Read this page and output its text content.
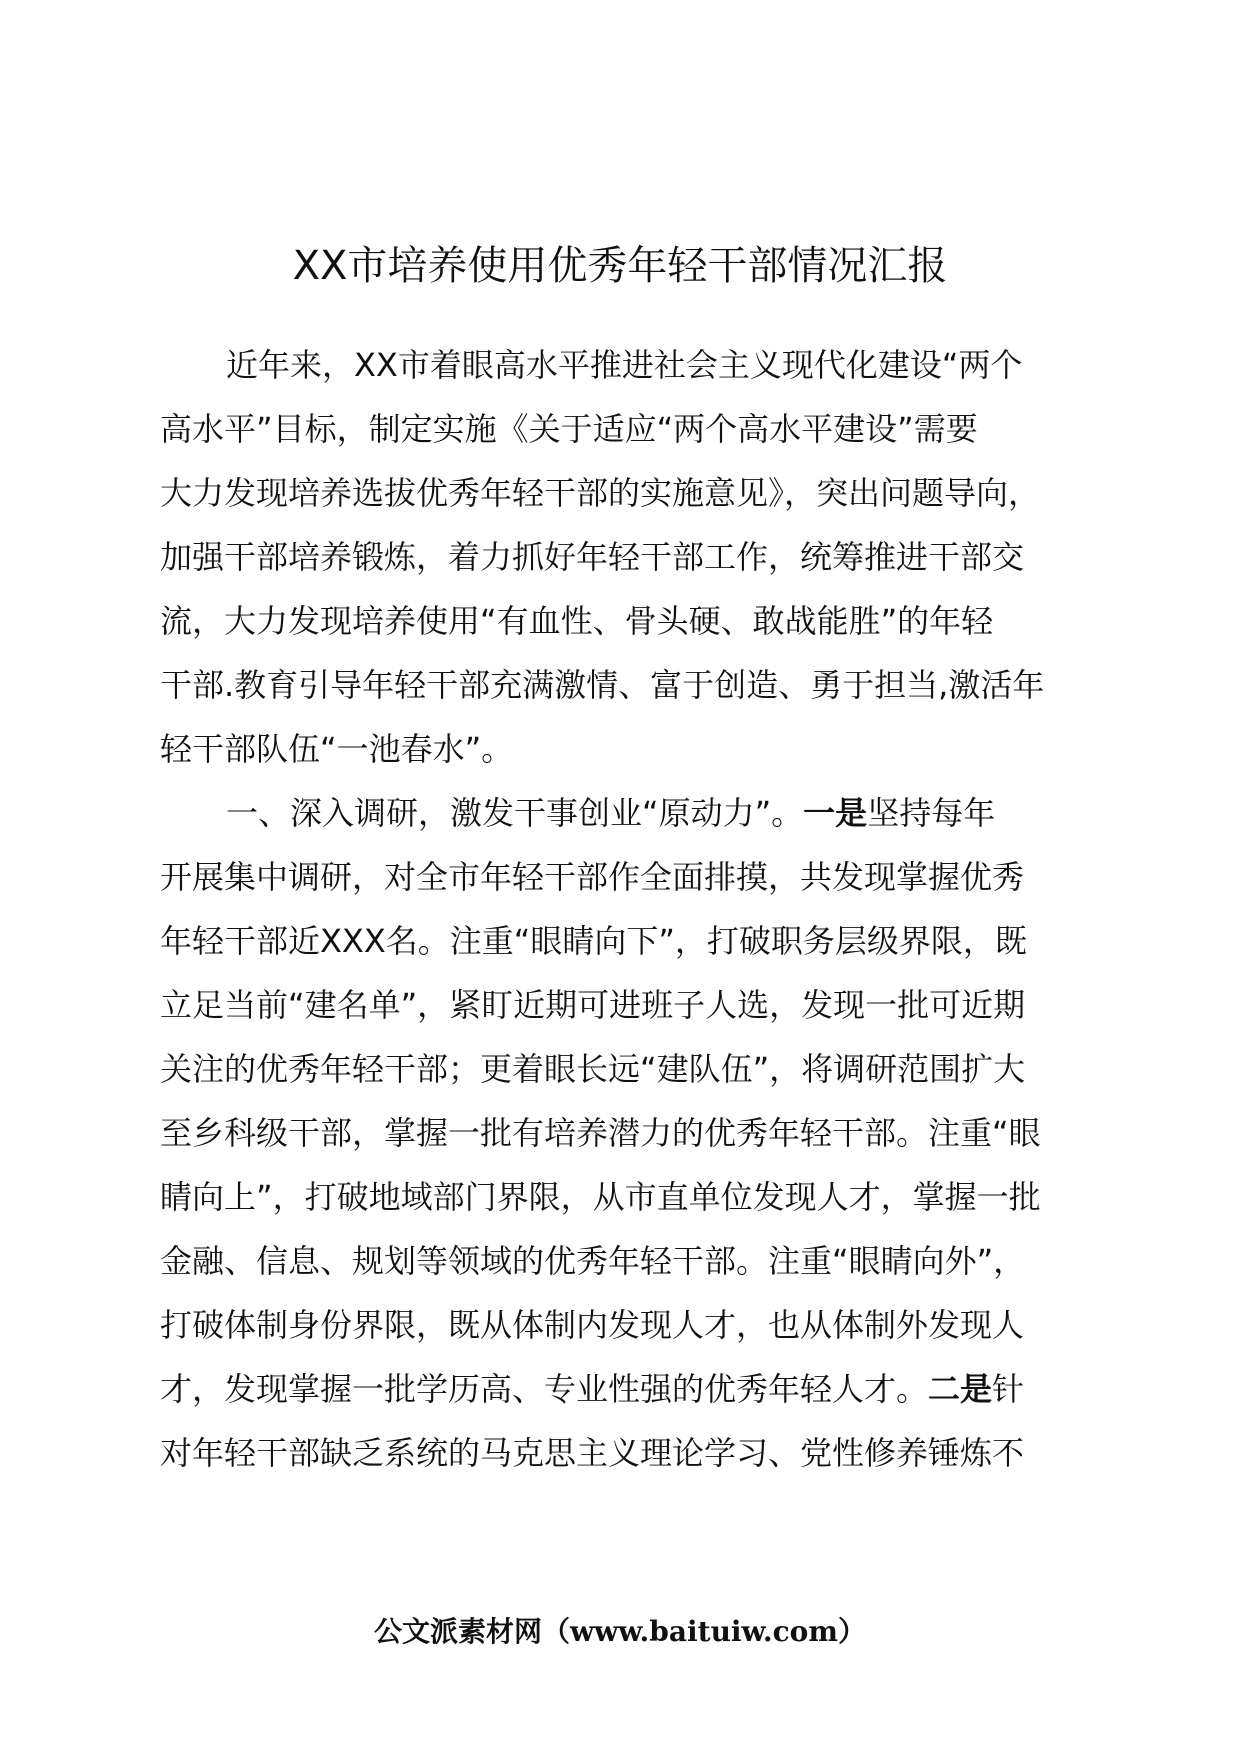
XX市培养使用优秀年轻干部情况汇报
近年来，XX市着眼高水平推进社会主义现代化建设“两个
高水平”目标，制定实施《关于适应“两个高水平建设”需要
大力发现培养选拔优秀年轻干部的实施意见》，突出问题导向，
加强干部培养锻炼，着力抓好年轻干部工作，统筹推进干部交
流，大力发现培养使用“有血性、骨头硬、敢战能胜”的年轻
干部.教育引导年轻干部充满激情、富于创造、勇于担当,激活年
轻干部队伍“一池春水”。
一、深入调研，激发干事创业“原动力”。一是坚持每年
开展集中调研，对全市年轻干部作全面排摸，共发现掌握优秀
年轻干部近XXX名。注重“眼睛向下”，打破职务层级界限，既
立足当前“建名单”，紧盯近期可进班子人选，发现一批可近期
关注的优秀年轻干部；更着眼长远“建队伍”，将调研范围扩大
至乡科级干部，掌握一批有培养潜力的优秀年轻干部。注重“眼
睛向上”，打破地域部门界限，从市直单位发现人才，掌握一批
金融、信息、规划等领域的优秀年轻干部。注重“眼睛向外”，
打破体制身份界限，既从体制内发现人才，也从体制外发现人
才，发现掌握一批学历高、专业性强的优秀年轻人才。二是针
对年轻干部缺乏系统的马克思主义理论学习、党性修养锤炼不
公文派素材网（www.baituiw.com）
